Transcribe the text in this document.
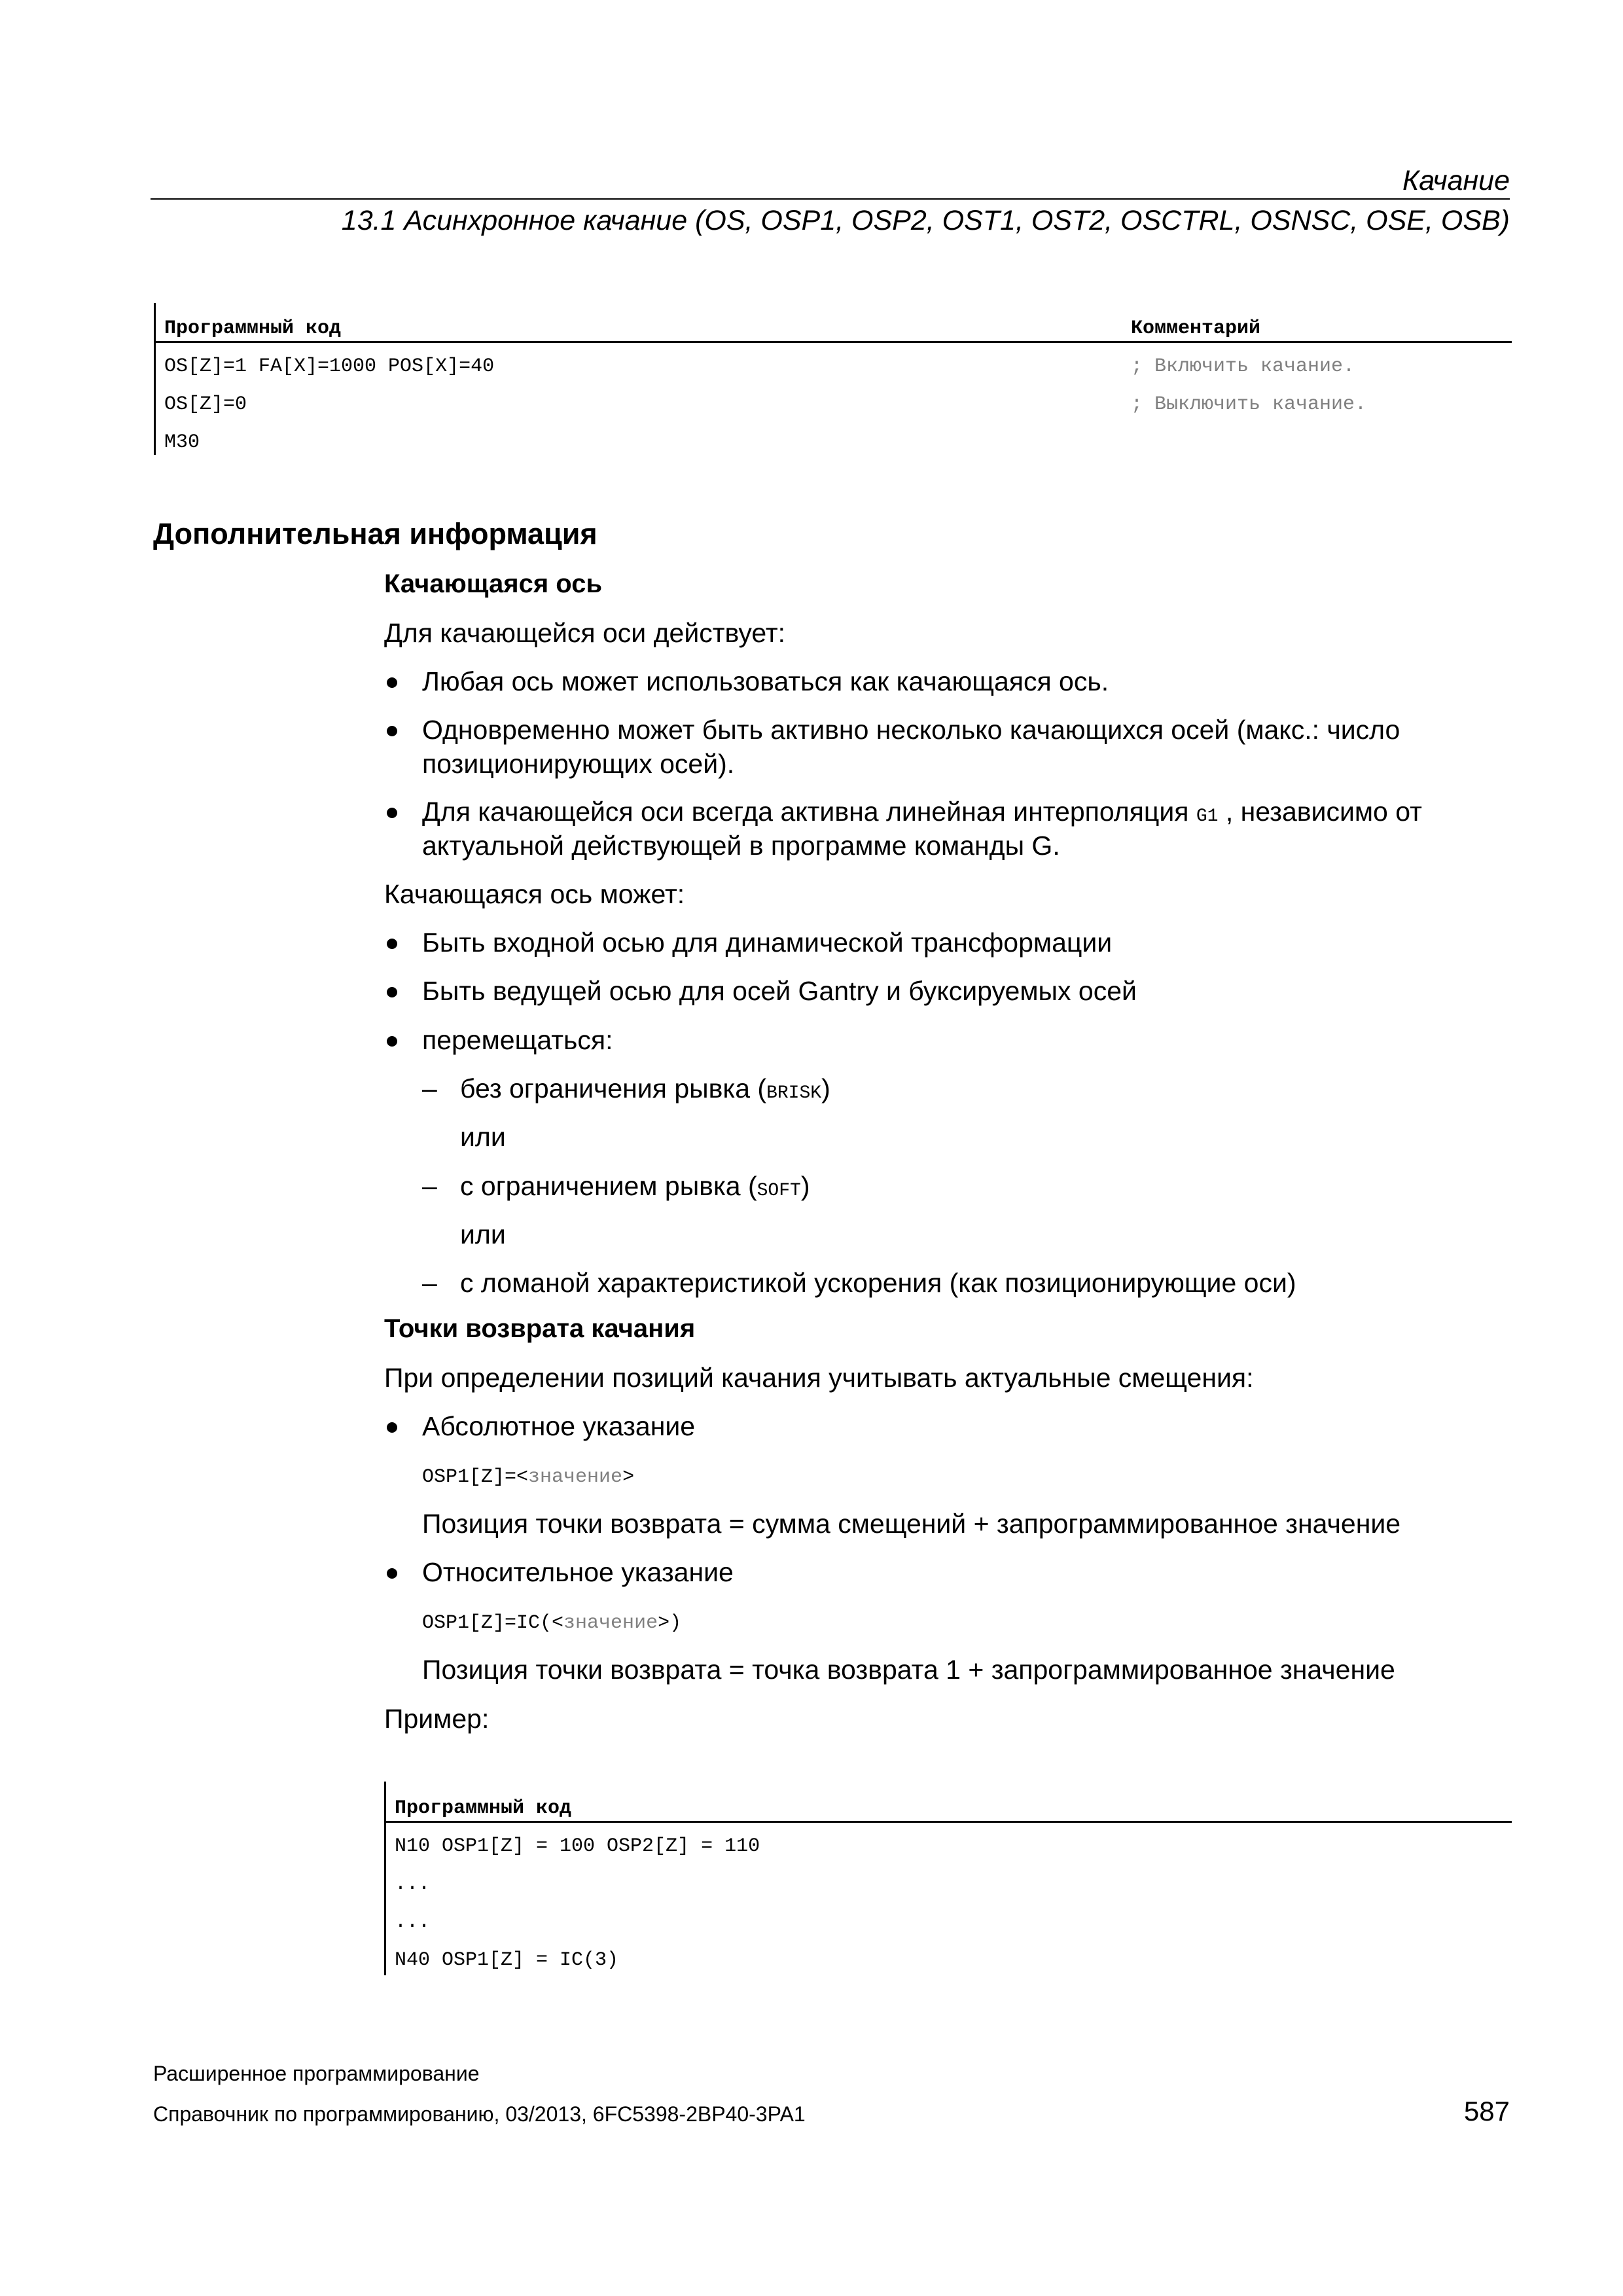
Качание
13.1 Асинхронное качание (OS, OSP1, OSP2, OST1, OST2, OSCTRL, OSNSC, OSE, OSB)
Программный код	Комментарий
OS[Z]=1 FA[X]=1000 POS[X]=40	; Включить качание.
OS[Z]=0	; Выключить качание.
M30
Дополнительная информация
Качающаяся ось
Для качающейся оси действует:
Любая ось может использоваться как качающаяся ось.
Одновременно может быть активно несколько качающихся осей (макс.: число
позиционирующих осей).
Для качающейся оси всегда активна линейная интерполяция G1 , независимо от
актуальной действующей в программе команды G.
Качающаяся ось может:
Быть входной осью для динамической трансформации
Быть ведущей осью для осей Gantry и буксируемых осей
перемещаться:
– без ограничения рывка (BRISK)
или
– с ограничением рывка (SOFT)
или
– с ломаной характеристикой ускорения (как позиционирующие оси)
Точки возврата качания
При определении позиций качания учитывать актуальные смещения:
Абсолютное указание
OSP1[Z]=<значение>
Позиция точки возврата = сумма смещений + запрограммированное значение
Относительное указание
OSP1[Z]=IC(<значение>)
Позиция точки возврата = точка возврата 1 + запрограммированное значение
Пример:
Программный код
N10 OSP1[Z] = 100 OSP2[Z] = 110
...
...
N40 OSP1[Z] = IC(3)
Расширенное программирование
Справочник по программированию, 03/2013, 6FC5398-2BP40-3PA1	587
